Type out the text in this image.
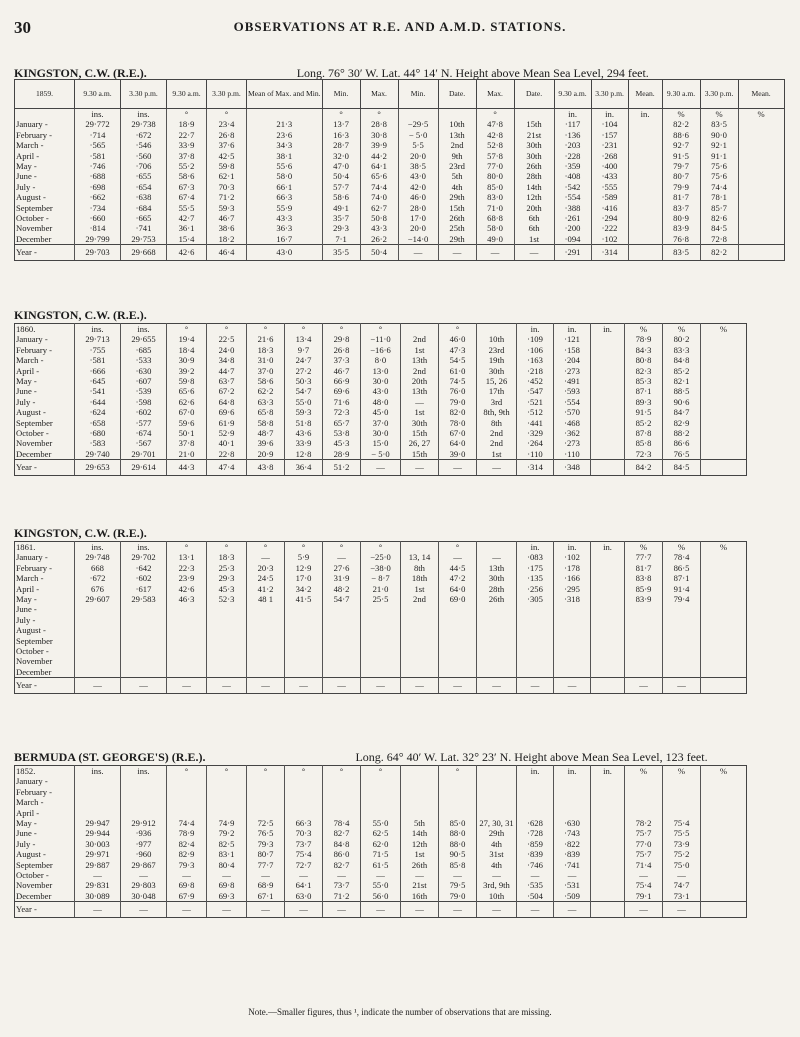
30	OBSERVATIONS AT R.E. AND A.M.D. STATIONS.
KINGSTON, C.W. (R.E.).	Long. 76° 30′ W. Lat. 44° 14′ N. Height above Mean Sea Level, 294 feet.
1859.	9.30 a.m.	3.30 p.m.	9.30 a.m.	3.30 p.m.	Mean of Max. and Min.	Min.	Max.	Min.	Date.	Max.	Date.	9.30 a.m.	3.30 p.m.	Mean.	9.30 a.m.	3.30 p.m.	Mean.
	ins.	ins.	°	°		°	°			°		in.	in.	in.	%	%	%
January -	29·772	29·738	18·9	23·4	21·3	13·7	28·8	−29·5	10th	47·8	15th	·117	·104		82·2	83·5	
February -	·714	·672	22·7	26·8	23·6	16·3	30·8	− 5·0	13th	42·8	21st	·136	·157		88·6	90·0	
March -	·565	·546	33·9	37·6	34·3	28·7	39·9	5·5	2nd	52·8	30th	·203	·231		92·7	92·1	
April -	·581	·560	37·8	42·5	38·1	32·0	44·2	20·0	9th	57·8	30th	·228	·268		91·5	91·1	
May -	·746	·706	55·2	59·8	55·6	47·0	64·1	38·5	23rd	77·0	26th	·359	·400		79·7	75·6	
June -	·688	·655	58·6	62·1	58·0	50·4	65·6	43·0	5th	80·0	28th	·408	·433		80·7	75·6	
July -	·698	·654	67·3	70·3	66·1	57·7	74·4	42·0	4th	85·0	14th	·542	·555		79·9	74·4	
August -	·662	·638	67·4	71·2	66·3	58·6	74·0	46·0	29th	83·0	12th	·554	·589		81·7	78·1	
September	·734	·684	55·5	59·3	55·9	49·1	62·7	28·0	15th	71·0	20th	·388	·416		83·7	85·7	
October -	·660	·665	42·7	46·7	43·3	35·7	50·8	17·0	26th	68·8	6th	·261	·294		80·9	82·6	
November	·814	·741	36·1	38·6	36·3	29·3	43·3	20·0	25th	58·0	6th	·200	·222		83·9	84·5	
December	29·799	29·753	15·4	18·2	16·7	7·1	26·2	−14·0	29th	49·0	1st	·094	·102		76·8	72·8	
Year -	29·703	29·668	42·6	46·4	43·0	35·5	50·4	—	—	—	—	·291	·314		83·5	82·2	
KINGSTON, C.W. (R.E.).
1860.	ins.	ins.	°	°	°	°	°	°		°		in.	in.	in.	%	%	%
January -	29·713	29·655	19·4	22·5	21·6	13·4	29·8	−11·0	2nd	46·0	10th	·109	·121		78·9	80·2	
February -	·755	·685	18·4	24·0	18·3	9·7	26·8	−16·6	1st	47·3	23rd	·106	·158		84·3	83·3	
March -	·581	·533	30·9	34·8	31·0	24·7	37·3	8·0	13th	54·5	19th	·163	·204		80·8	84·8	
April -	·666	·630	39·2	44·7	37·0	27·2	46·7	13·0	2nd	61·0	30th	·218	·273		82·3	85·2	
May -	·645	·607	59·8	63·7	58·6	50·3	66·9	30·0	20th	74·5	15, 26	·452	·491		85·3	82·1	
June -	·541	·539	65·6	67·2	62·2	54·7	69·6	43·0	13th	76·0	17th	·547	·593		87·1	88·5	
July -	·644	·598	62·6	64·8	63·3	55·0	71·6	48·0	—	79·0	3rd	·521	·554		89·3	90·6	
August -	·624	·602	67·0	69·6	65·8	59·3	72·3	45·0	1st	82·0	8th, 9th	·512	·570		91·5	84·7	
September	·658	·577	59·6	61·9	58·8	51·8	65·7	37·0	30th	78·0	8th	·441	·468		85·2	82·9	
October -	·680	·674	50·1	52·9	48·7	43·6	53·8	30·0	15th	67·0	2nd	·329	·362		87·8	88·2	
November	·583	·567	37·8	40·1	39·6	33·9	45·3	15·0	26, 27	64·0	2nd	·264	·273		85·8	86·6	
December	29·740	29·701	21·0	22·8	20·9	12·8	28·9	− 5·0	15th	39·0	1st	·110	·110		72·3	76·5	
Year -	29·653	29·614	44·3	47·4	43·8	36·4	51·2	—	—	—	—	·314	·348		84·2	84·5	
KINGSTON, C.W. (R.E.).
1861.	ins.	ins.	°	°	°	°	°	°		°		in.	in.	in.	%	%	%
January -	29·748	29·702	13·1	18·3	—	5·9	—	−25·0	13, 14	—	—	·083	·102		77·7	78·4	
February -	668	·642	22·3	25·3	20·3	12·9	27·6	−38·0	8th	44·5	13th	·175	·178		81·7	86·5	
March -	·672	·602	23·9	29·3	24·5	17·0	31·9	− 8·7	18th	47·2	30th	·135	·166		83·8	87·1	
April -	676	·617	42·6	45·3	41·2	34·2	48·2	21·0	1st	64·0	28th	·256	·295		85·9	91·4	
May -	29·607	29·583	46·3	52·3	48 1	41·5	54·7	25·5	2nd	69·0	26th	·305	·318		83·9	79·4	
June -																	
July -																	
August -																	
September																	
October -																	
November																	
December																	
Year -	—	—	—	—	—	—	—	—	—	—	—	—	—		—	—	
BERMUDA (ST. GEORGE'S) (R.E.).	Long. 64° 40′ W. Lat. 32° 23′ N. Height above Mean Sea Level, 123 feet.
1852.	ins.	ins.	°	°	°	°	°	°		°		in.	in.	in.	%	%	%
January -																	
February -																	
March -																	
April -																	
May -	29·947	29·912	74·4	74·9	72·5	66·3	78·4	55·0	5th	85·0	27, 30, 31	·628	·630		78·2	75·4	
June -	29·944	·936	78·9	79·2	76·5	70·3	82·7	62·5	14th	88·0	29th	·728	·743		75·7	75·5	
July -	30·003	·977	82·4	82·5	79·3	73·7	84·8	62·0	12th	88·0	4th	·859	·822		77·0	73·9	
August -	29·971	·960	82·9	83·1	80·7	75·4	86·0	71·5	1st	90·5	31st	·839	·839		75·7	75·2	
September	29·887	29·867	79·3	80·4	77·7	72·7	82·7	61·5	26th	85·8	4th	·746	·741		71·4	75·0	
October -	—	—	—	—	—	—	—	—	—	—	—	—	—		—	—	
November	29·831	29·803	69·8	69·8	68·9	64·1	73·7	55·0	21st	79·5	3rd, 9th	·535	·531		75·4	74·7	
December	30·089	30·048	67·9	69·3	67·1	63·0	71·2	56·0	16th	79·0	10th	·504	·509		79·1	73·1	
Year -	—	—	—	—	—	—	—	—	—	—	—	—	—		—	—	
Note.—Smaller figures, thus ¹, indicate the number of observations that are missing.
